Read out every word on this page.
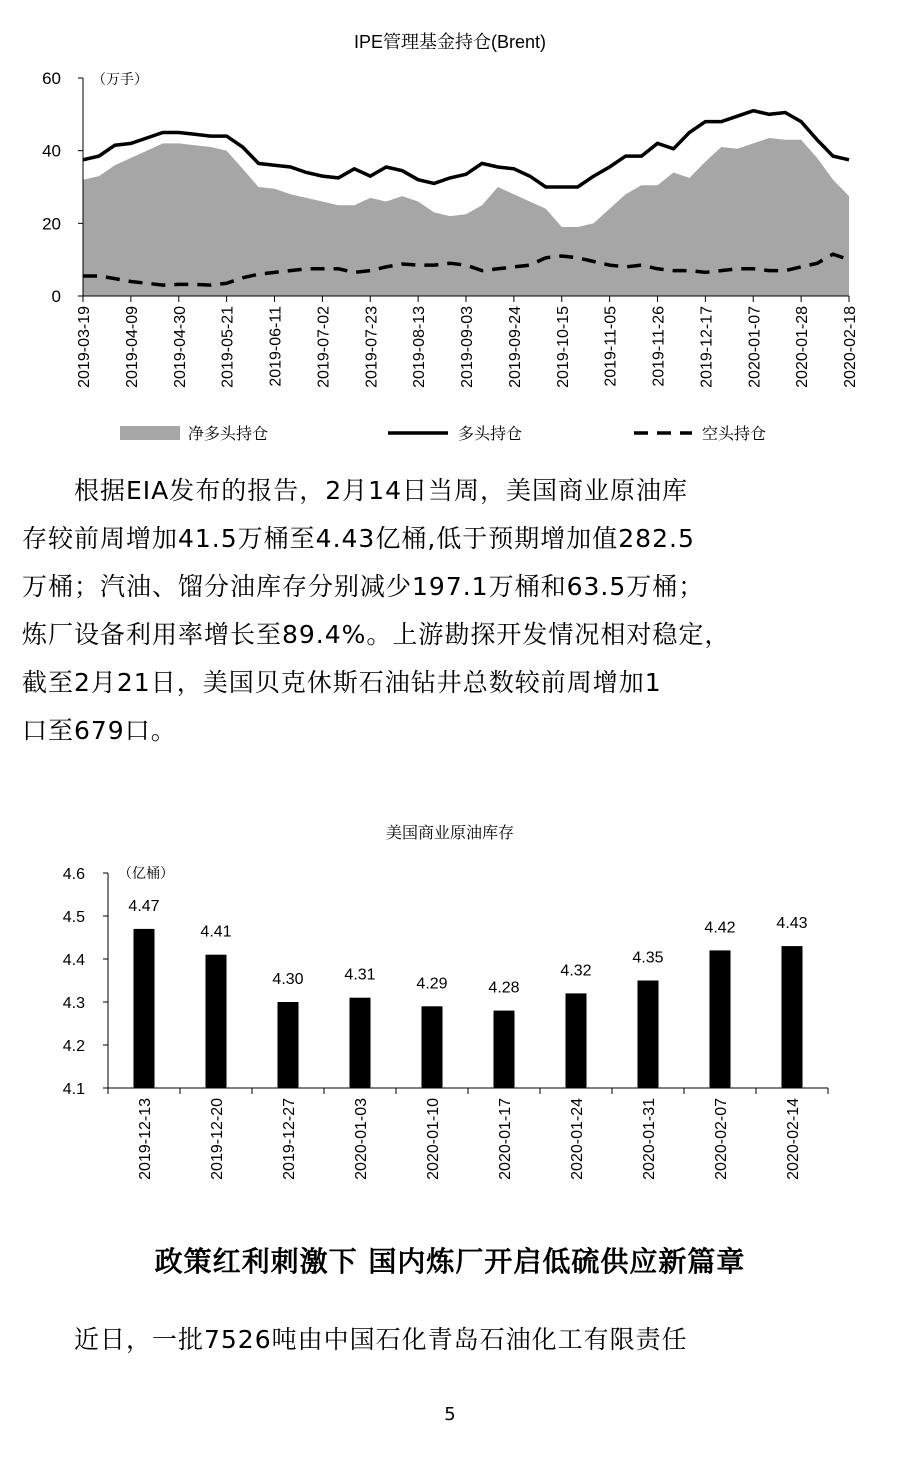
IPE管理基金持仓(Brent)
（万手）
0
20
40
60
2019-03-19 2019-04-09 2019-04-30 2019-05-21 2019-06-11 2019-07-02 2019-07-23 2019-08-13 2019-09-03 2019-09-24 2019-10-15 2019-11-05 2019-11-26 2019-12-17 2020-01-07 2020-01-28 2020-02-18
净多头持仓	多头持仓	空头持仓
　　根据EIA发布的报告，2月14日当周，美国商业原油库
存较前周增加41.5万桶至4.43亿桶,低于预期增加值282.5
万桶；汽油、馏分油库存分别减少197.1万桶和63.5万桶；
炼厂设备利用率增长至89.4%。上游勘探开发情况相对稳定，
截至2月21日，美国贝克休斯石油钻井总数较前周增加1
口至679口。
美国商业原油库存
（亿桶）
4.1
4.2
4.3
4.4
4.5
4.6
4.47
4.41
4.30	4.31
4.29	4.28
4.32
4.35
4.42	4.43
2019-12-13	2019-12-20	2019-12-27	2020-01-03	2020-01-10	2020-01-17	2020-01-24	2020-01-31	2020-02-07	2020-02-14
政策红利刺激下 国内炼厂开启低硫供应新篇章
　　近日，一批7526吨由中国石化青岛石油化工有限责任
5
